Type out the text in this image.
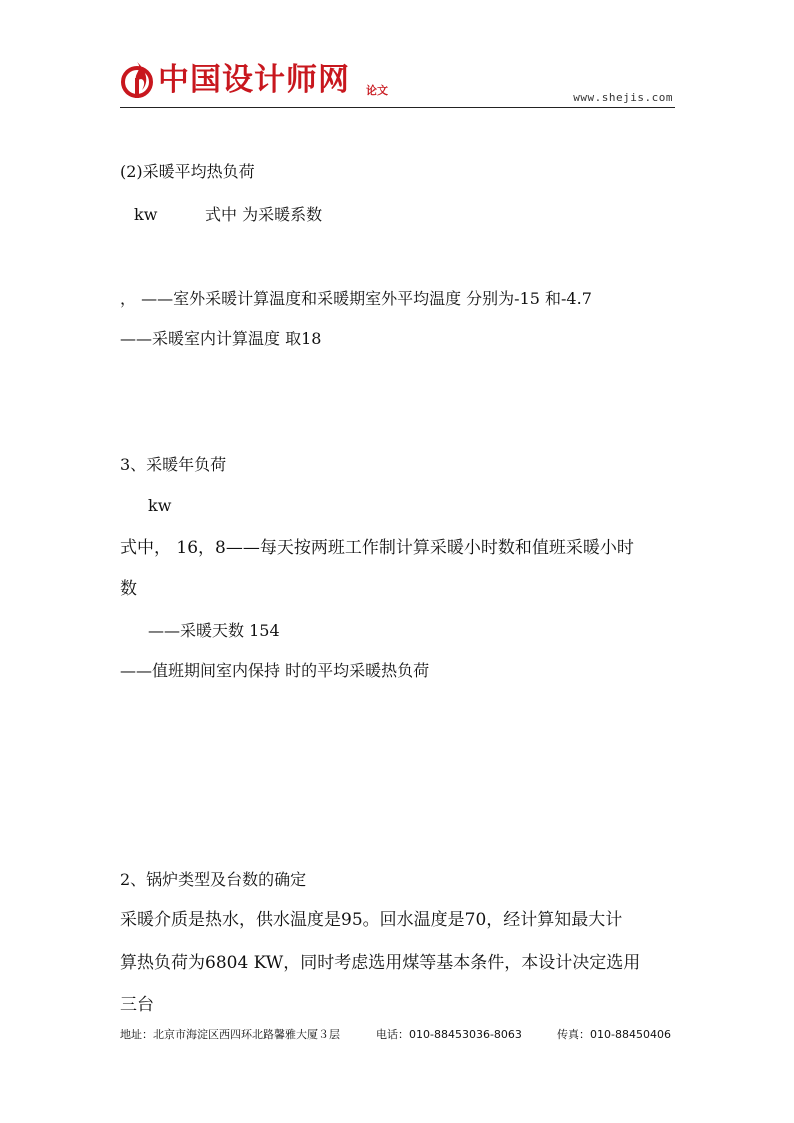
中国设计师网 论文
www.shejis.com
(2)采暖平均热负荷
kw	式中 为采暖系数
， ——室外采暖计算温度和采暖期室外平均温度 分别为-15 和-4.7
——采暖室内计算温度 取18
3、采暖年负荷
kw
式中， 16，8——每天按两班工作制计算采暖小时数和值班采暖小时
数
——采暖天数 154
——值班期间室内保持 时的平均采暖热负荷
2、锅炉类型及台数的确定
采暖介质是热水，供水温度是95。回水温度是70，经计算知最大计
算热负荷为6804 KW，同时考虑选用煤等基本条件，本设计决定选用
三台
地址：北京市海淀区西四环北路馨雅大厦３层	电话：010-88453036-8063	传真：010-88450406
